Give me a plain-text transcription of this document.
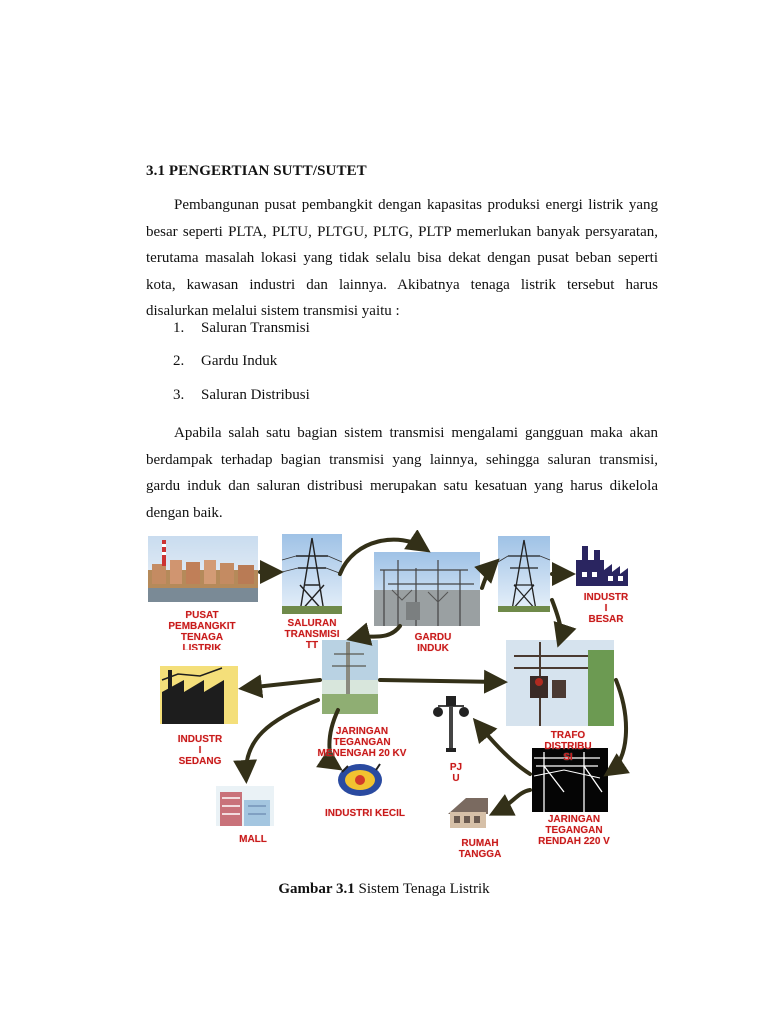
3.1 PENGERTIAN SUTT/SUTET
Pembangunan pusat pembangkit dengan kapasitas produksi energi listrik yang besar seperti PLTA, PLTU, PLTGU, PLTG, PLTP memerlukan banyak persyaratan, terutama masalah lokasi yang tidak selalu bisa dekat dengan pusat beban seperti kota, kawasan industri dan lainnya. Akibatnya tenaga listrik tersebut harus disalurkan melalui sistem transmisi yaitu :
1. Saluran Transmisi
2. Gardu Induk
3. Saluran Distribusi
Apabila salah satu bagian sistem transmisi mengalami gangguan maka akan berdampak terhadap bagian transmisi yang lainnya, sehingga saluran transmisi, gardu induk dan saluran distribusi merupakan satu kesatuan yang harus dikelola dengan baik.
PUSAT
PEMBANGKIT
TENAGA
LISTRIK
SALURAN
TRANSMISI
TT
GARDU
INDUK
INDUSTR
I
BESAR
INDUSTR
I
SEDANG
JARINGAN
TEGANGAN
MENENGAH 20 KV
TRAFO
DISTRIBU
SI
PJ
U
INDUSTRI KECIL
MALL	RUMAH
TANGGA
JARINGAN
TEGANGAN
RENDAH 220 V
Gambar 3.1 Sistem Tenaga Listrik
